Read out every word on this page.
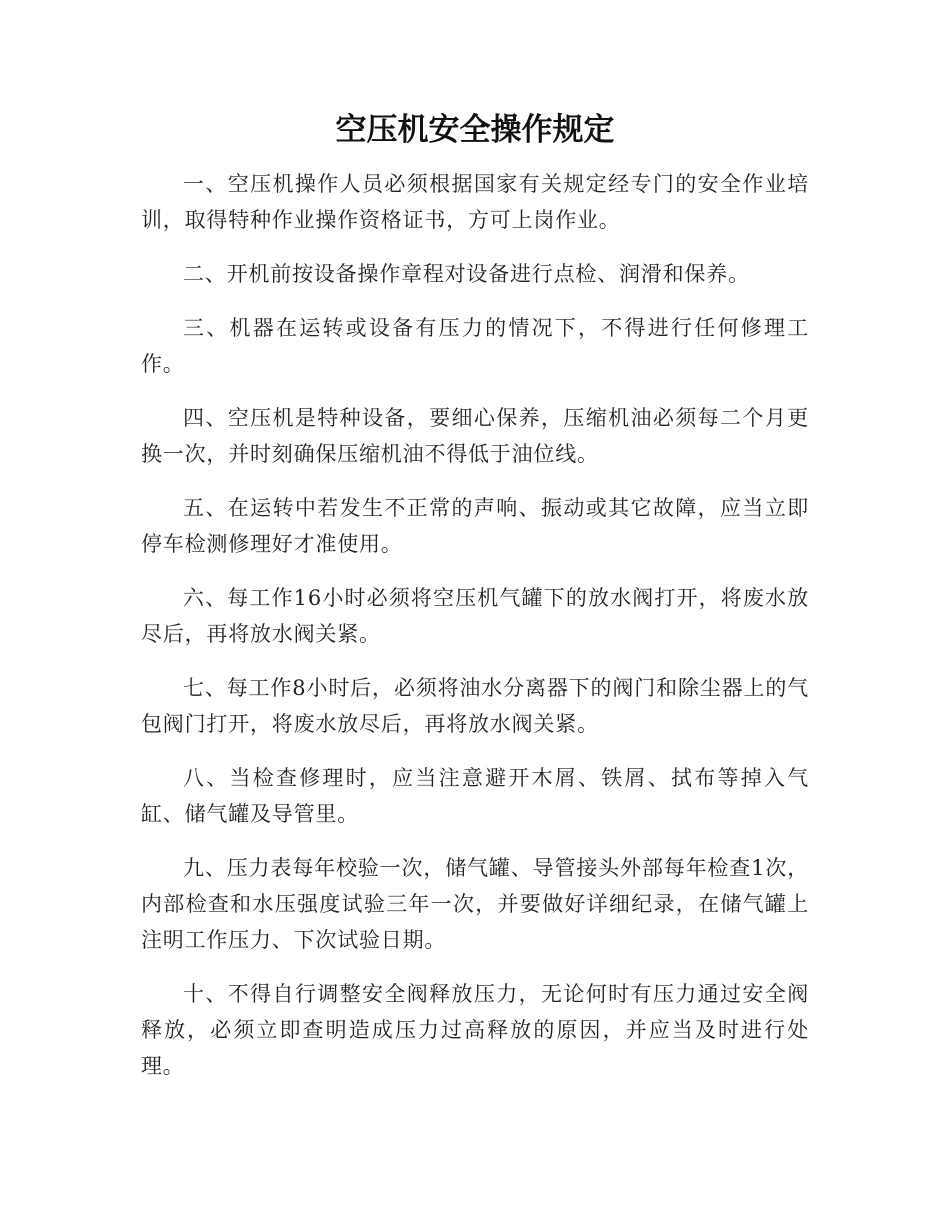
空压机安全操作规定

一、空压机操作人员必须根据国家有关规定经专门的安全作业培训，取得特种作业操作资格证书，方可上岗作业。

二、开机前按设备操作章程对设备进行点检、润滑和保养。

三、机器在运转或设备有压力的情况下，不得进行任何修理工作。

四、空压机是特种设备，要细心保养，压缩机油必须每二个月更换一次，并时刻确保压缩机油不得低于油位线。

五、在运转中若发生不正常的声响、振动或其它故障，应当立即停车检测修理好才准使用。

六、每工作16小时必须将空压机气罐下的放水阀打开，将废水放尽后，再将放水阀关紧。

七、每工作8小时后，必须将油水分离器下的阀门和除尘器上的气包阀门打开，将废水放尽后，再将放水阀关紧。

八、当检查修理时，应当注意避开木屑、铁屑、拭布等掉入气缸、储气罐及导管里。

九、压力表每年校验一次，储气罐、导管接头外部每年检查1次，内部检查和水压强度试验三年一次，并要做好详细纪录，在储气罐上注明工作压力、下次试验日期。

十、不得自行调整安全阀释放压力，无论何时有压力通过安全阀释放，必须立即查明造成压力过高释放的原因，并应当及时进行处理。
